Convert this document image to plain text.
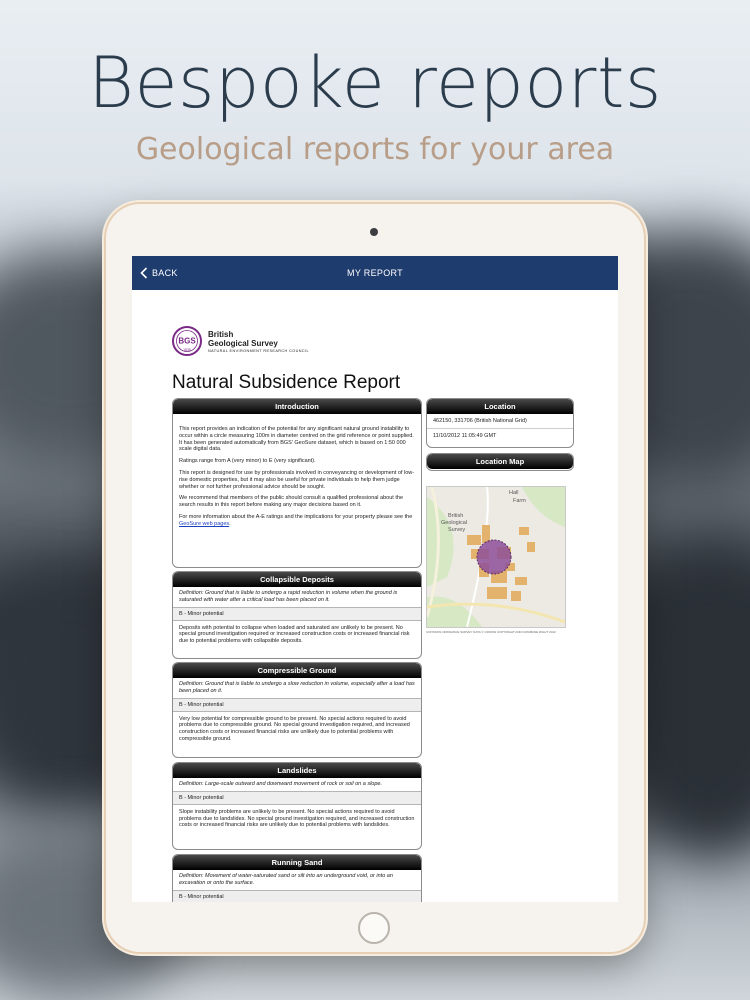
Bespoke reports
Geological reports for your area
BACK	MY REPORT
BGS
1835
British
Geological Survey
NATURAL ENVIRONMENT RESEARCH COUNCIL
Natural Subsidence Report
Introduction

This report provides an indication of the potential for any significant natural ground instability to occur within a circle measuring 100m in diameter centred on the grid reference or point supplied. It has been generated automatically from BGS' GeoSure dataset, which is based on 1:50 000 scale digital data.

Ratings range from A (very minor) to E (very significant).

This report is designed for use by professionals involved in conveyancing or development of low-rise domestic properties, but it may also be useful for private individuals to help them judge whether or not further professional advice should be sought.

We recommend that members of the public should consult a qualified professional about the search results in this report before making any major decisions based on it.

For more information about the A-E ratings and the implications for your property please see the GeoSure web pages.

Location
462150, 331706 (British National Grid)
11/10/2012 11:05:49 GMT
Location Map
Hall
Farm
British
Geological
Survey
CONTAINS ORDNANCE SURVEY DATA © CROWN COPYRIGHT AND DATABASE RIGHT 2012
Collapsible Deposits
Definition: Ground that is liable to undergo a rapid reduction in volume when the ground is saturated with water after a critical load has been placed on it.
B - Minor potential
Deposits with potential to collapse when loaded and saturated are unlikely to be present. No special ground investigation required or increased construction costs or increased financial risk due to potential problems with collapsible deposits.
Compressible Ground
Definition: Ground that is liable to undergo a slow reduction in volume, especially after a load has been placed on it.
B - Minor potential
Very low potential for compressible ground to be present. No special actions required to avoid problems due to compressible ground. No special ground investigation required, and increased construction costs or increased financial risks are unlikely due to potential problems with compressible ground.
Landslides
Definition: Large-scale outward and downward movement of rock or soil on a slope.
B - Minor potential
Slope instability problems are unlikely to be present. No special actions required to avoid problems due to landslides. No special ground investigation required, and increased construction costs or increased financial risks are unlikely due to potential problems with landslides.
Running Sand
Definition: Movement of water-saturated sand or silt into an underground void, or into an excavation or onto the surface.
B - Minor potential
